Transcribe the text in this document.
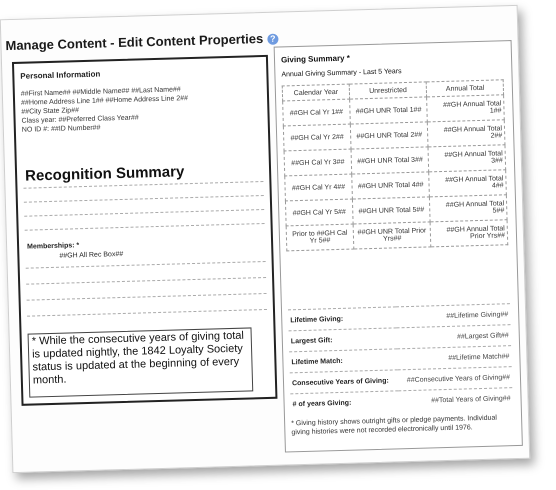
Manage Content - Edit Content Properties ?
Personal Information
##First Name## ##Middle Name## ##Last Name##
##Home Address Line 1## ##Home Address Line 2##
##City State Zip##
Class year: ##Preferred Class Year##
NO ID #: ##ID Number##
Recognition Summary
Memberships: *
##GH All Rec Box##
* While the consecutive years of giving total is updated nightly, the 1842 Loyalty Society status is updated at the beginning of every month.
Giving Summary *
Annual Giving Summary - Last 5 Years
Calendar Year	Unrestricted	Annual Total
##GH Cal Yr 1##	##GH UNR Total 1##	##GH Annual Total 1##
##GH Cal Yr 2##	##GH UNR Total 2##	##GH Annual Total 2##
##GH Cal Yr 3##	##GH UNR Total 3##	##GH Annual Total 3##
##GH Cal Yr 4##	##GH UNR Total 4##	##GH Annual Total 4##
##GH Cal Yr 5##	##GH UNR Total 5##	##GH Annual Total 5##
Prior to ##GH Cal Yr 5##	##GH UNR Total Prior Yrs##	##GH Annual Total Prior Yrs##
Lifetime Giving:	##Lifetime Giving##
Largest Gift:	##Largest Gift##
Lifetime Match:	##Lifetime Match##
Consecutive Years of Giving:	##Consecutive Years of Giving##
# of years Giving:	##Total Years of Giving##
* Giving history shows outright gifts or pledge payments. Individual giving histories were not recorded electronically until 1976.
